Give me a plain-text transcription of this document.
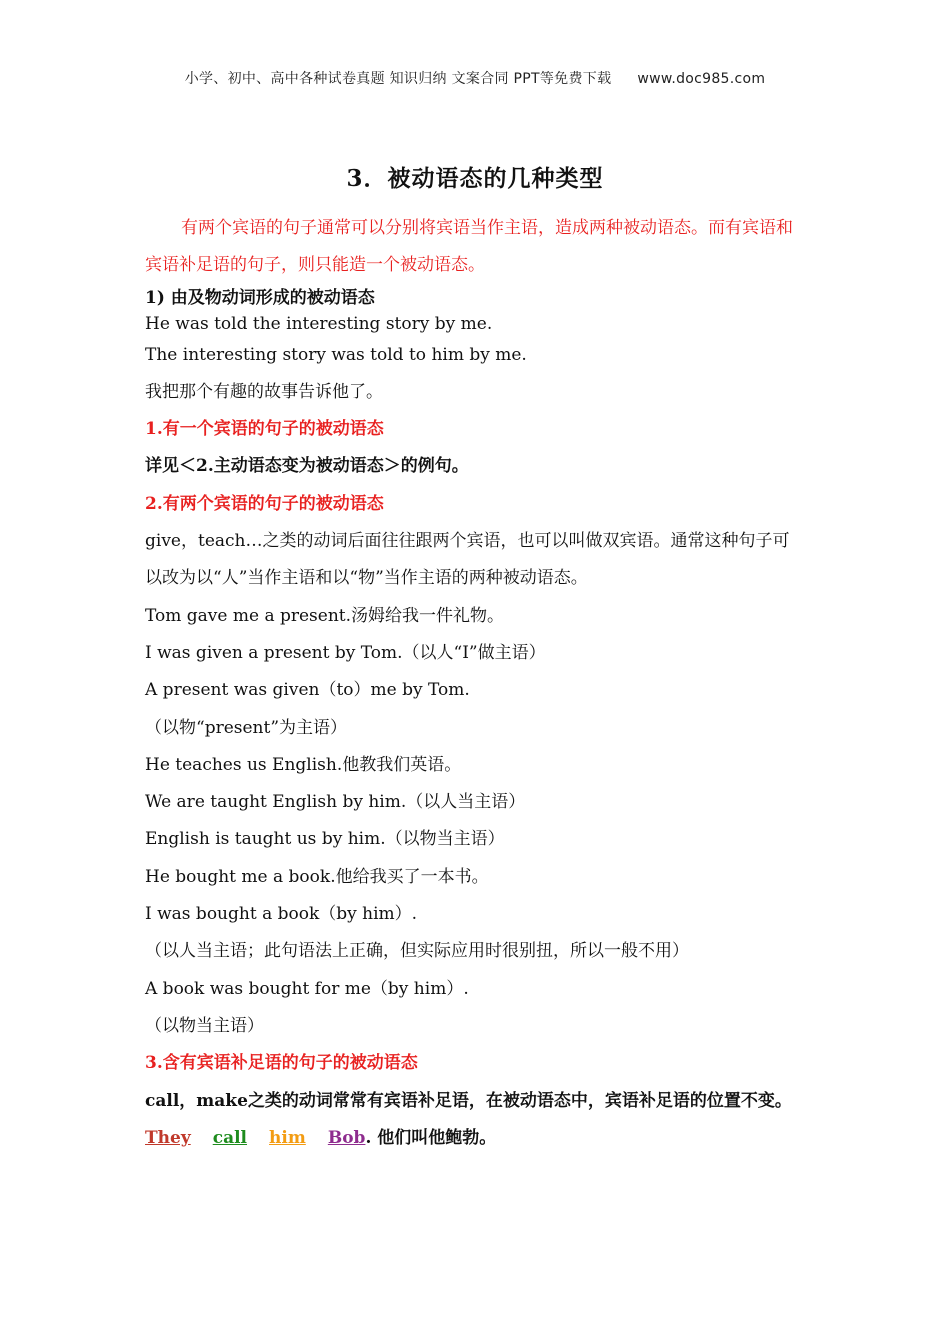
小学、初中、高中各种试卷真题 知识归纳 文案合同 PPT等免费下载 www.doc985.com
3．被动语态的几种类型
有两个宾语的句子通常可以分别将宾语当作主语，造成两种被动语态。而有宾语和宾语补足语的句子，则只能造一个被动语态。
1) 由及物动词形成的被动语态
He was told the interesting story by me.
The interesting story was told to him by me.
我把那个有趣的故事告诉他了。
1.有一个宾语的句子的被动语态
详见＜2.主动语态变为被动语态＞的例句。
2.有两个宾语的句子的被动语态
give，teach…之类的动词后面往往跟两个宾语，也可以叫做双宾语。通常这种句子可以改为以“人”当作主语和以“物”当作主语的两种被动语态。
Tom gave me a present.汤姆给我一件礼物。
I was given a present by Tom.（以人“I”做主语）
A present was given（to）me by Tom.
（以物“present”为主语）
He teaches us English.他教我们英语。
We are taught English by him.（以人当主语）
English is taught us by him.（以物当主语）
He bought me a book.他给我买了一本书。
I was bought a book（by him）.
（以人当主语；此句语法上正确，但实际应用时很别扭，所以一般不用）
A book was bought for me（by him）.
（以物当主语）
3.含有宾语补足语的句子的被动语态
call，make之类的动词常常有宾语补足语，在被动语态中，宾语补足语的位置不变。
They call him Bob. 他们叫他鲍勃。
